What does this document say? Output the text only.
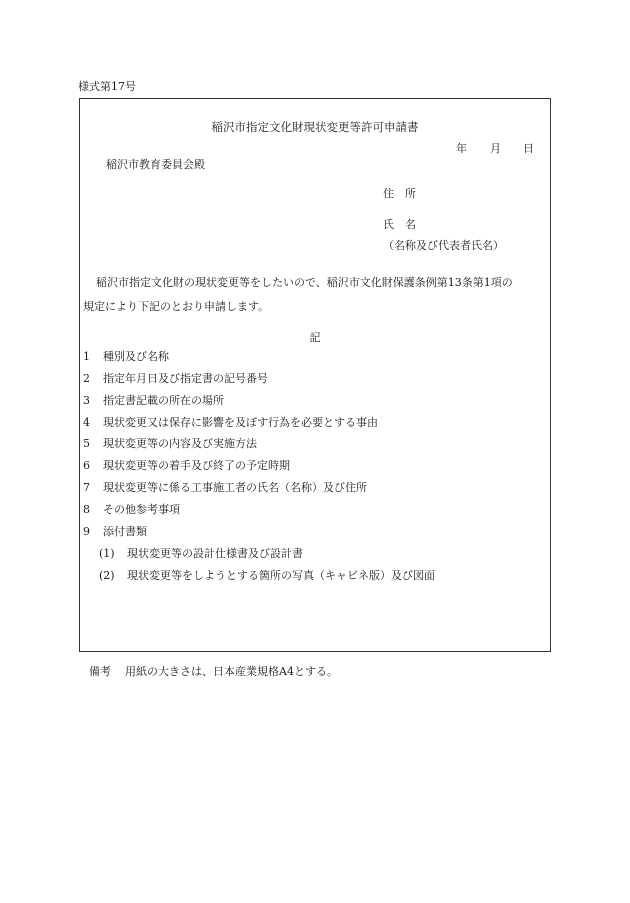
様式第17号
稲沢市指定文化財現状変更等許可申請書
年 月 日
稲沢市教育委員会殿
住　所
氏　名
（名称及び代表者氏名）
稲沢市指定文化財の現状変更等をしたいので、稲沢市文化財保護条例第13条第1項の
規定により下記のとおり申請します。
記
1 種別及び名称
2 指定年月日及び指定書の記号番号
3 指定書記載の所在の場所
4 現状変更又は保存に影響を及ぼす行為を必要とする事由
5 現状変更等の内容及び実施方法
6 現状変更等の着手及び終了の予定時期
7 現状変更等に係る工事施工者の氏名（名称）及び住所
8 その他参考事項
9 添付書類
(1) 現状変更等の設計仕様書及び設計書
(2) 現状変更等をしようとする箇所の写真（キャビネ版）及び図面
備考 用紙の大きさは、日本産業規格A4とする。
